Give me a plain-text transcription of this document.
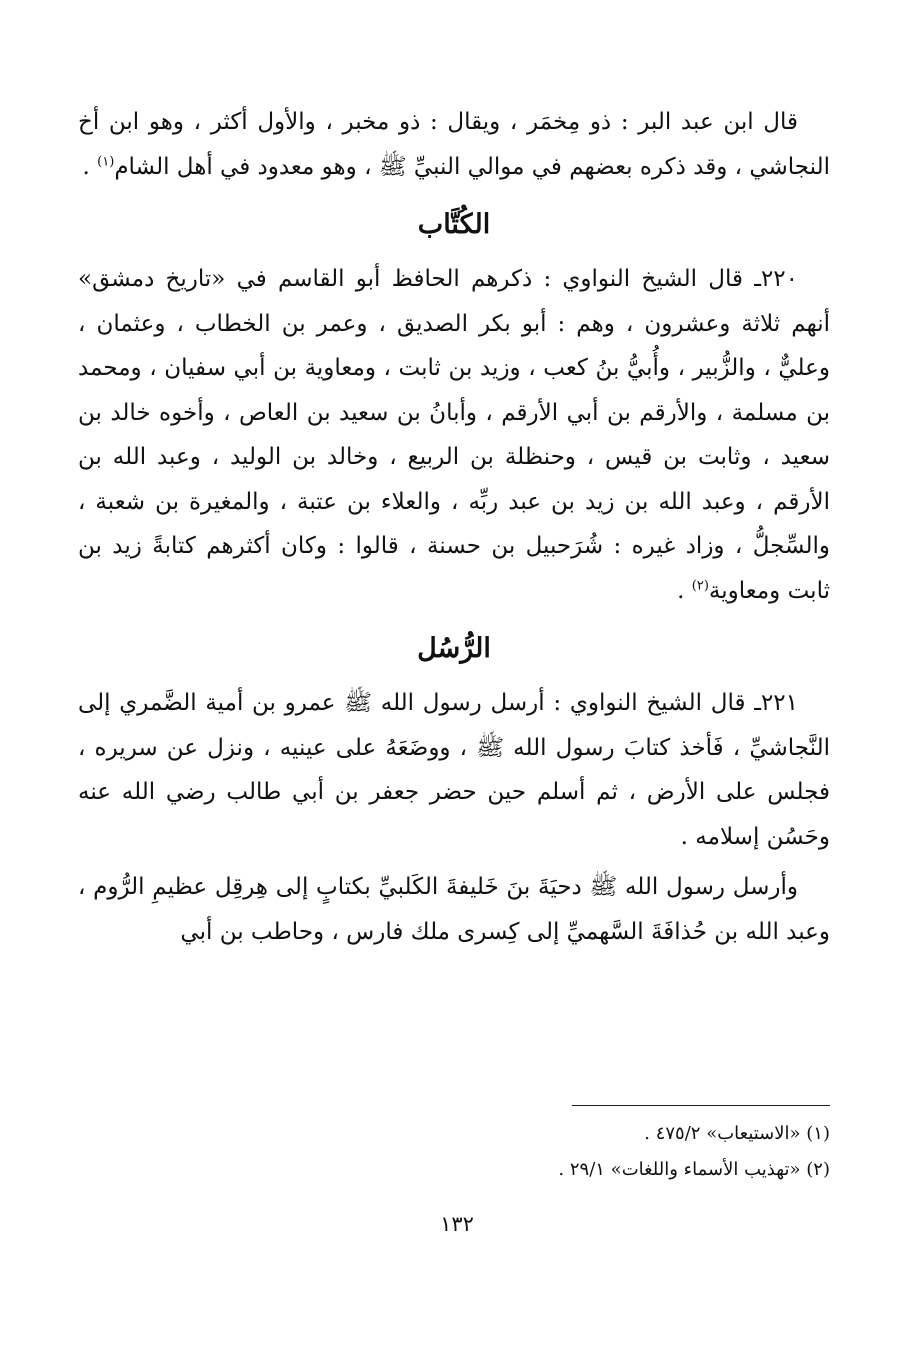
قال ابن عبد البر : ذو مِخمَر ، ويقال : ذو مخبر ، والأول أكثر ، وهو ابن أخ النجاشي ، وقد ذكره بعضهم في موالي النبيِّ ﷺ ، وهو معدود في أهل الشام$^{(١)}$ .

الكُتَّاب

٢٢٠ـ قال الشيخ النواوي : ذكرهم الحافظ أبو القاسم في «تاريخ دمشق» أنهم ثلاثة وعشرون ، وهم : أبو بكر الصديق ، وعمر بن الخطاب ، وعثمان ، وعليٌّ ، والزُّبير ، وأُبيُّ بنُ كعب ، وزيد بن ثابت ، ومعاوية بن أبي سفيان ، ومحمد بن مسلمة ، والأرقم بن أبي الأرقم ، وأبانُ بن سعيد بن العاص ، وأخوه خالد بن سعيد ، وثابت بن قيس ، وحنظلة بن الربيع ، وخالد بن الوليد ، وعبد الله بن الأرقم ، وعبد الله بن زيد بن عبد ربِّه ، والعلاء بن عتبة ، والمغيرة بن شعبة ، والسِّجلُّ ، وزاد غيره : شُرَحبيل بن حسنة ، قالوا : وكان أكثرهم كتابةً زيد بن ثابت ومعاوية$^{(٢)}$ .

الرُّسُل

٢٢١ـ قال الشيخ النواوي : أرسل رسول الله ﷺ عمرو بن أمية الضَّمري إلى النَّجاشيِّ ، فَأخذ كتابَ رسول الله ﷺ ، ووضَعَهُ على عينيه ، ونزل عن سريره ، فجلس على الأرض ، ثم أسلم حين حضر جعفر بن أبي طالب رضي الله عنه وحَسُن إسلامه .

وأرسل رسول الله ﷺ دحيَةَ بنَ خَليفةَ الكَلبيِّ بكتابٍ إلى هِرقِل عظيمِ الرُّوم ، وعبد الله بن حُذافَةَ السَّهميِّ إلى كِسرى ملك فارس ، وحاطب بن أبي

(١) «الاستيعاب» ٤٧٥/٢ .

(٢) «تهذيب الأسماء واللغات» ٢٩/١ .

١٣٢
